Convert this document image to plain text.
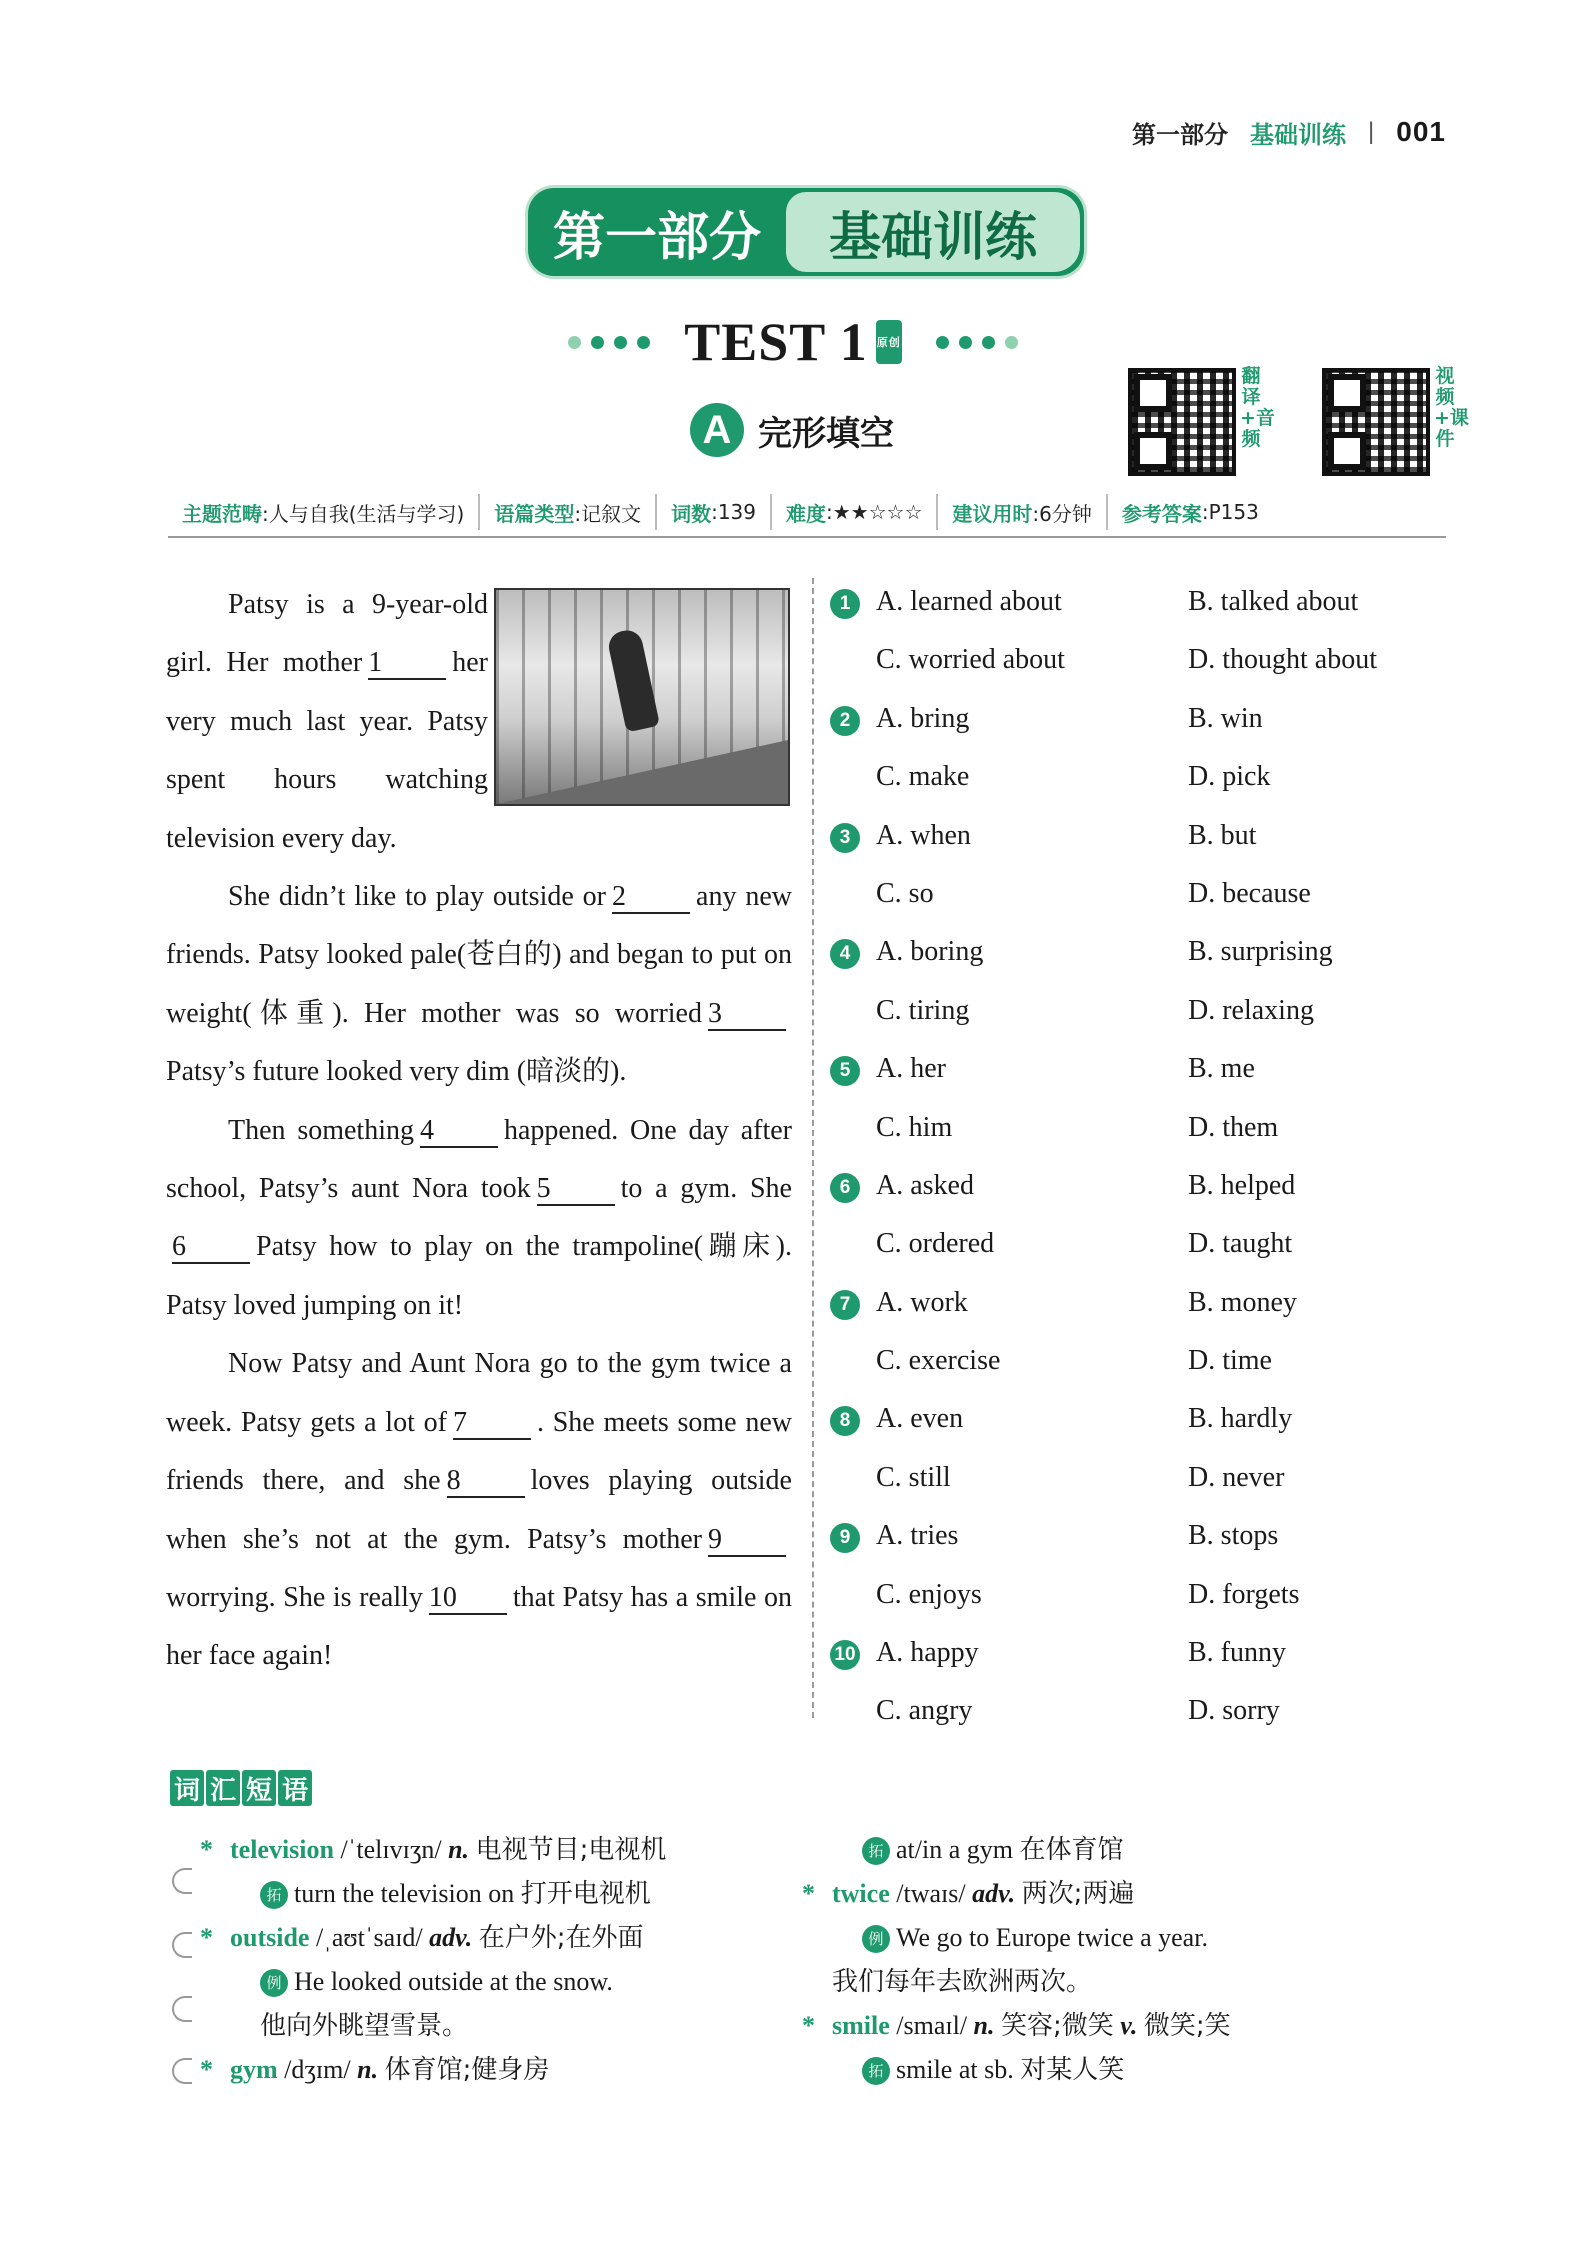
第一部分 基础训练 | 001
第一部分	基础训练
TEST 1 原创
A 完形填空
翻译+音频
视频+课件
主题范畴 :人与自我(生活与学习) 语篇类型 :记叙文 词数 :139 难度 :★★☆☆☆ 建议用时 :6分钟 参考答案 :P153

Patsy is a 9-year-old girl. Her mother 1	her very much last year. Patsy spent hours watching television every day.

She didn’t like to play outside or 2	any new friends. Patsy looked pale(苍白的) and began to put on weight(体重). Her mother was so worried 3Patsy’s future looked very dim (暗淡的).

Then something 4	happened. One day after school, Patsy’s aunt Nora took 5	to a gym. She6	Patsy how to play on the trampoline(蹦床). Patsy loved jumping on it!

Now Patsy and Aunt Nora go to the gym twice a week. Patsy gets a lot of 7	. She meets some new friends there, and she 8	loves playing outside when she’s not at the gym. Patsy’s mother 9worrying. She is really 10 that Patsy has a smile on her face again!

1 A. learned about	B. talked about
C. worried about	D. thought about
2 A. bring	B. win
C. make	D. pick
3 A. when	B. but
C. so	D. because
4 A. boring	B. surprising
C. tiring	D. relaxing
5 A. her	B. me
C. him	D. them
6 A. asked	B. helped
C. ordered	D. taught
7 A. work	B. money
C. exercise	D. time
8 A. even	B. hardly
C. still	D. never
9 A. tries	B. stops
C. enjoys	D. forgets
10 A. happy	B. funny
C. angry	D. sorry
词 汇 短 语
* television /ˈtelɪvɪʒn/ n. 电视节目;电视机
拓 turn the television on 打开电视机
* outside /ˌaʊtˈsaɪd/ adv. 在户外;在外面
例 He looked outside at the snow.
他向外眺望雪景。
* gym /dʒɪm/ n. 体育馆;健身房
拓 at/in a gym 在体育馆
* twice /twaɪs/ adv. 两次;两遍
例 We go to Europe twice a year.
我们每年去欧洲两次。
* smile /smaɪl/ n. 笑容;微笑 v. 微笑;笑
拓 smile at sb. 对某人笑
